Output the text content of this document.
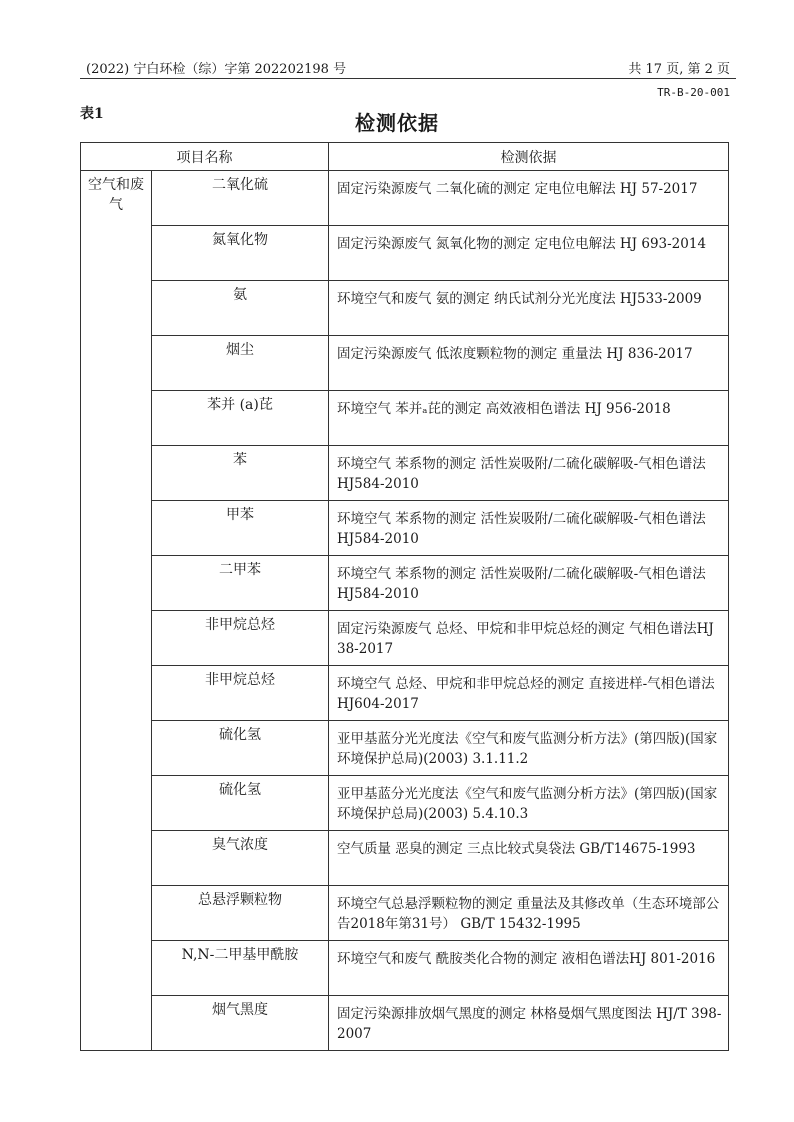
(2022) 宁白环检（综）字第 202202198 号	共 17 页, 第 2 页
TR-B-20-001
表1	检测依据
项目名称		检测依据
空气和废气	二氧化硫	固定污染源废气 二氧化硫的测定 定电位电解法 HJ 57-2017
	氮氧化物	固定污染源废气 氮氧化物的测定 定电位电解法 HJ 693-2014
	氨	环境空气和废气 氨的测定 纳氏试剂分光光度法 HJ533-2009
	烟尘	固定污染源废气 低浓度颗粒物的测定 重量法 HJ 836-2017
	苯并 (a)芘	环境空气 苯并ₐ芘的测定 高效液相色谱法 HJ 956-2018
	苯	环境空气 苯系物的测定 活性炭吸附/二硫化碳解吸-气相色谱法 HJ584-2010
	甲苯	环境空气 苯系物的测定 活性炭吸附/二硫化碳解吸-气相色谱法 HJ584-2010
	二甲苯	环境空气 苯系物的测定 活性炭吸附/二硫化碳解吸-气相色谱法 HJ584-2010
	非甲烷总烃	固定污染源废气 总烃、甲烷和非甲烷总烃的测定 气相色谱法HJ 38-2017
	非甲烷总烃	环境空气 总烃、甲烷和非甲烷总烃的测定 直接进样-气相色谱法HJ604-2017
	硫化氢	亚甲基蓝分光光度法《空气和废气监测分析方法》(第四版)(国家环境保护总局)(2003) 3.1.11.2
	硫化氢	亚甲基蓝分光光度法《空气和废气监测分析方法》(第四版)(国家环境保护总局)(2003) 5.4.10.3
	臭气浓度	空气质量 恶臭的测定 三点比较式臭袋法 GB/T14675-1993
	总悬浮颗粒物	环境空气总悬浮颗粒物的测定 重量法及其修改单（生态环境部公告2018年第31号） GB/T 15432-1995
	N,N-二甲基甲酰胺	环境空气和废气 酰胺类化合物的测定 液相色谱法HJ 801-2016
	烟气黑度	固定污染源排放烟气黑度的测定 林格曼烟气黑度图法 HJ/T 398-2007
